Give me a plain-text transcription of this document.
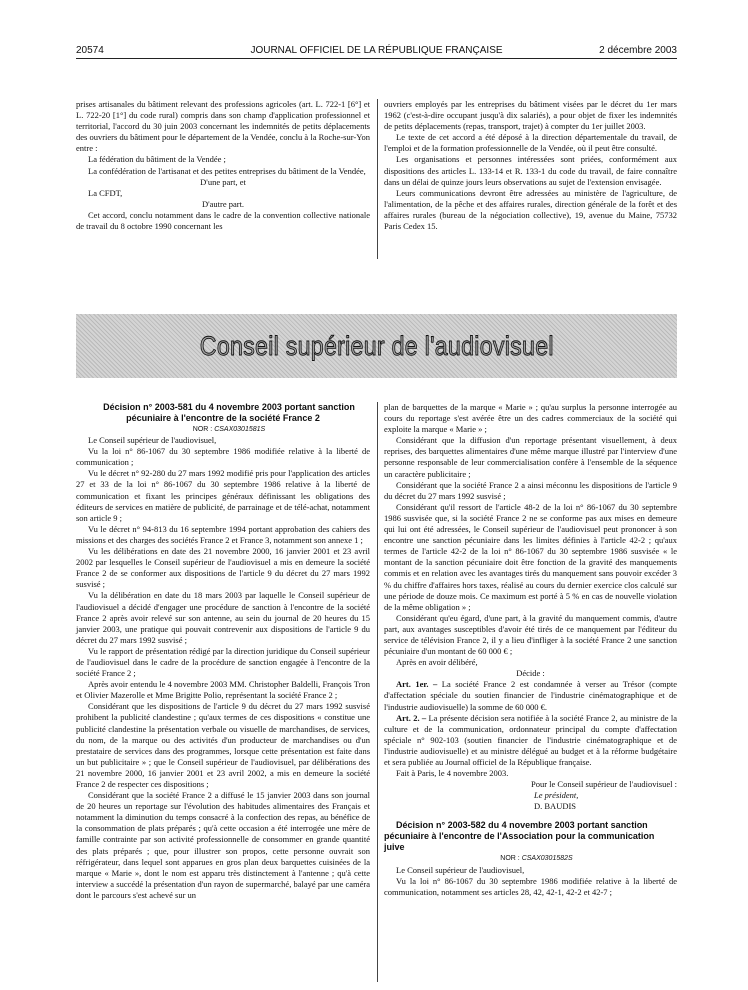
20574	JOURNAL OFFICIEL DE LA RÉPUBLIQUE FRANÇAISE	2 décembre 2003

prises artisanales du bâtiment relevant des professions agricoles (art. L. 722-1 [6°] et L. 722-20 [1°] du code rural) compris dans son champ d'application professionnel et territorial, l'accord du 30 juin 2003 concernant les indemnités de petits déplacements des ouvriers du bâtiment pour le département de la Vendée, conclu à la Roche-sur-Yon entre :

La fédération du bâtiment de la Vendée ;

La confédération de l'artisanat et des petites entreprises du bâtiment de la Vendée,

D'une part, et

La CFDT,

D'autre part.

Cet accord, conclu notamment dans le cadre de la convention collective nationale de travail du 8 octobre 1990 concernant les

ouvriers employés par les entreprises du bâtiment visées par le décret du 1er mars 1962 (c'est-à-dire occupant jusqu'à dix salariés), a pour objet de fixer les indemnités de petits déplacements (repas, transport, trajet) à compter du 1er juillet 2003.

Le texte de cet accord a été déposé à la direction départementale du travail, de l'emploi et de la formation professionnelle de la Vendée, où il peut être consulté.

Les organisations et personnes intéressées sont priées, conformément aux dispositions des articles L. 133-14 et R. 133-1 du code du travail, de faire connaître dans un délai de quinze jours leurs observations au sujet de l'extension envisagée.

Leurs communications devront être adressées au ministère de l'agriculture, de l'alimentation, de la pêche et des affaires rurales, direction générale de la forêt et des affaires rurales (bureau de la négociation collective), 19, avenue du Maine, 75732 Paris Cedex 15.

Conseil supérieur de l'audiovisuel

Décision n° 2003-581 du 4 novembre 2003 portant sanction pécuniaire à l'encontre de la société France 2

NOR : CSAX0301581S

Le Conseil supérieur de l'audiovisuel,

Vu la loi n° 86-1067 du 30 septembre 1986 modifiée relative à la liberté de communication ;

Vu le décret n° 92-280 du 27 mars 1992 modifié pris pour l'application des articles 27 et 33 de la loi n° 86-1067 du 30 septembre 1986 relative à la liberté de communication et fixant les principes généraux définissant les obligations des éditeurs de services en matière de publicité, de parrainage et de télé-achat, notamment son article 9 ;

Vu le décret n° 94-813 du 16 septembre 1994 portant approbation des cahiers des missions et des charges des sociétés France 2 et France 3, notamment son annexe 1 ;

Vu les délibérations en date des 21 novembre 2000, 16 janvier 2001 et 23 avril 2002 par lesquelles le Conseil supérieur de l'audiovisuel a mis en demeure la société France 2 de se conformer aux dispositions de l'article 9 du décret du 27 mars 1992 susvisé ;

Vu la délibération en date du 18 mars 2003 par laquelle le Conseil supérieur de l'audiovisuel a décidé d'engager une procédure de sanction à l'encontre de la société France 2 après avoir relevé sur son antenne, au sein du journal de 20 heures du 15 janvier 2003, une pratique qui pouvait contrevenir aux dispositions de l'article 9 du décret du 27 mars 1992 susvisé ;

Vu le rapport de présentation rédigé par la direction juridique du Conseil supérieur de l'audiovisuel dans le cadre de la procédure de sanction engagée à l'encontre de la société France 2 ;

Après avoir entendu le 4 novembre 2003 MM. Christopher Baldelli, François Tron et Olivier Mazerolle et Mme Brigitte Polio, représentant la société France 2 ;

Considérant que les dispositions de l'article 9 du décret du 27 mars 1992 susvisé prohibent la publicité clandestine ; qu'aux termes de ces dispositions « constitue une publicité clandestine la présentation verbale ou visuelle de marchandises, de services, du nom, de la marque ou des activités d'un producteur de marchandises ou d'un prestataire de services dans des programmes, lorsque cette présentation est faite dans un but publicitaire » ; que le Conseil supérieur de l'audiovisuel, par délibérations des 21 novembre 2000, 16 janvier 2001 et 23 avril 2002, a mis en demeure la société France 2 de respecter ces dispositions ;

Considérant que la société France 2 a diffusé le 15 janvier 2003 dans son journal de 20 heures un reportage sur l'évolution des habitudes alimentaires des Français et notamment la diminution du temps consacré à la confection des repas, au bénéfice de la consommation de plats préparés ; qu'à cette occasion a été interrogée une mère de famille contrainte par son activité professionnelle de consommer en grande quantité des plats préparés ; que, pour illustrer son propos, cette personne ouvrait son réfrigérateur, dans lequel sont apparues en gros plan deux barquettes cuisinées de la marque « Marie », dont le nom est apparu très distinctement à l'antenne ; qu'à cette interview a succédé la présentation d'un rayon de supermarché, balayé par une caméra dont le parcours s'est achevé sur un

plan de barquettes de la marque « Marie » ; qu'au surplus la personne interrogée au cours du reportage s'est avérée être un des cadres commerciaux de la société qui exploite la marque « Marie » ;

Considérant que la diffusion d'un reportage présentant visuellement, à deux reprises, des barquettes alimentaires d'une même marque illustré par l'interview d'une personne responsable de leur commercialisation confère à l'ensemble de la séquence un caractère publicitaire ;

Considérant que la société France 2 a ainsi méconnu les dispositions de l'article 9 du décret du 27 mars 1992 susvisé ;

Considérant qu'il ressort de l'article 48-2 de la loi n° 86-1067 du 30 septembre 1986 susvisée que, si la société France 2 ne se conforme pas aux mises en demeure qui lui ont été adressées, le Conseil supérieur de l'audiovisuel peut prononcer à son encontre une sanction pécuniaire dans les limites définies à l'article 42-2 ; qu'aux termes de l'article 42-2 de la loi n° 86-1067 du 30 septembre 1986 susvisée « le montant de la sanction pécuniaire doit être fonction de la gravité des manquements commis et en relation avec les avantages tirés du manquement sans pouvoir excéder 3 % du chiffre d'affaires hors taxes, réalisé au cours du dernier exercice clos calculé sur une période de douze mois. Ce maximum est porté à 5 % en cas de nouvelle violation de la même obligation » ;

Considérant qu'eu égard, d'une part, à la gravité du manquement commis, d'autre part, aux avantages susceptibles d'avoir été tirés de ce manquement par l'éditeur du service de télévision France 2, il y a lieu d'infliger à la société France 2 une sanction pécuniaire d'un montant de 60 000 € ;

Après en avoir délibéré,

Décide :

Art. 1er. – La société France 2 est condamnée à verser au Trésor (compte d'affectation spéciale du soutien financier de l'industrie cinématographique et de l'industrie audiovisuelle) la somme de 60 000 €.

Art. 2. – La présente décision sera notifiée à la société France 2, au ministre de la culture et de la communication, ordonnateur principal du compte d'affectation spéciale n° 902-103 (soutien financier de l'industrie cinématographique et de l'industrie audiovisuelle) et au ministre délégué au budget et à la réforme budgétaire et sera publiée au Journal officiel de la République française.

Fait à Paris, le 4 novembre 2003.

Pour le Conseil supérieur de l'audiovisuel :

Le président,

D. BAUDIS

Décision n° 2003-582 du 4 novembre 2003 portant sanction pécuniaire à l'encontre de l'Association pour la communication juive

NOR : CSAX0301582S

Le Conseil supérieur de l'audiovisuel,

Vu la loi n° 86-1067 du 30 septembre 1986 modifiée relative à la liberté de communication, notamment ses articles 28, 42, 42-1, 42-2 et 42-7 ;
